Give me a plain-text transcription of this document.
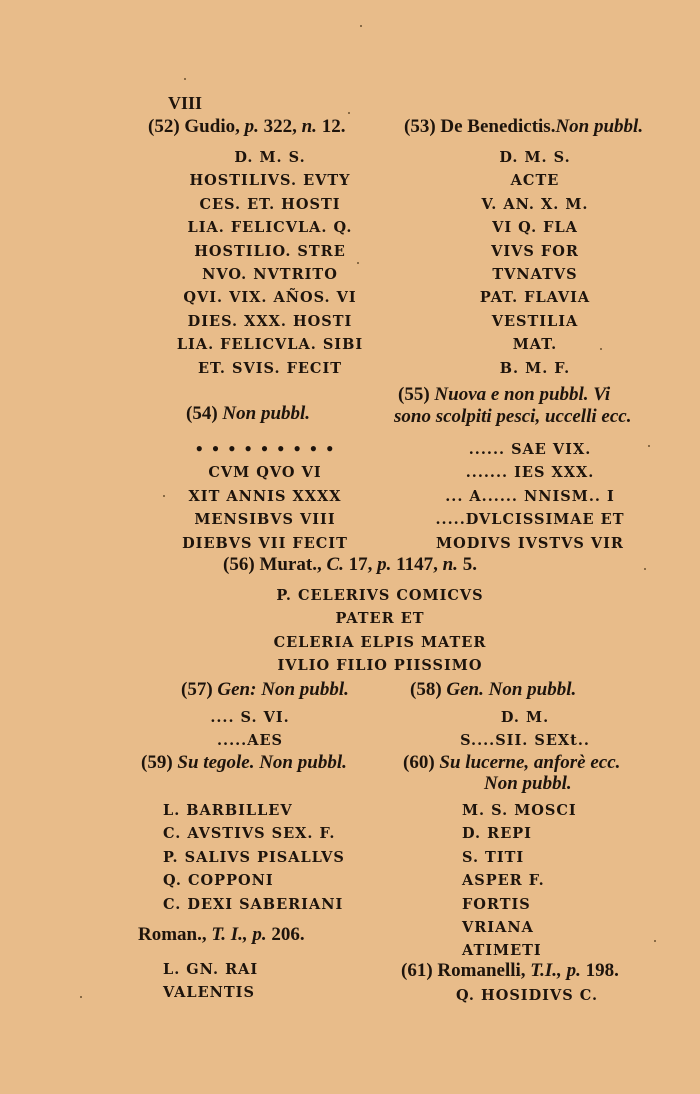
VIII
(52) Gudio, p. 322, n. 12.	(53) De Benedictis.Non pubbl.
D. M. S.
HOSTILIVS. EVTY
CES. ET. HOSTI
LIA. FELICVLA. Q.
HOSTILIO. STRE
NVO. NVTRITO
QVI. VIX. AÑOS. VI
DIES. XXX. HOSTI
LIA. FELICVLA. SIBI
ET. SVIS. FECIT
D. M. S.
ACTE
V. AN. X. M.
VI Q. FLA
VIVS FOR
TVNATVS
PAT. FLAVIA
VESTILIA
MAT.
B. M. F.
(55) Nuova e non pubbl. Vi
sono scolpiti pesci, uccelli ecc.
(54) Non pubbl.
• • • • • • • • •
CVM QVO VI
XIT ANNIS XXXX
MENSIBVS VIII
DIEBVS VII FECIT
...... SAE VIX.
....... IES XXX.
... A...... NNISM.. I
.....DVLCISSIMAE ET
MODIVS IVSTVS VIR
(56) Murat., C. 17, p. 1147, n. 5.
P. CELERIVS COMICVS
PATER ET
CELERIA ELPIS MATER
IVLIO FILIO PIISSIMO
(57) Gen: Non pubbl.	(58) Gen. Non pubbl.
.... S. VI.
.....AES
D. M.
S....SII. SEXt..
(59) Su tegole. Non pubbl.	(60) Su lucerne, anforè ecc.
Non pubbl.
L. BARBILLEV
C. AVSTIVS SEX. F.
P. SALIVS PISALLVS
Q. COPPONI
C. DEXI SABERIANI
M. S. MOSCI
D. REPI
S. TITI
ASPER F.
FORTIS
VRIANA
ATIMETI
Roman., T. I., p. 206.
L. GN. RAI
VALENTIS
(61) Romanelli, T.I., p. 198.
Q. HOSIDIVS C.
